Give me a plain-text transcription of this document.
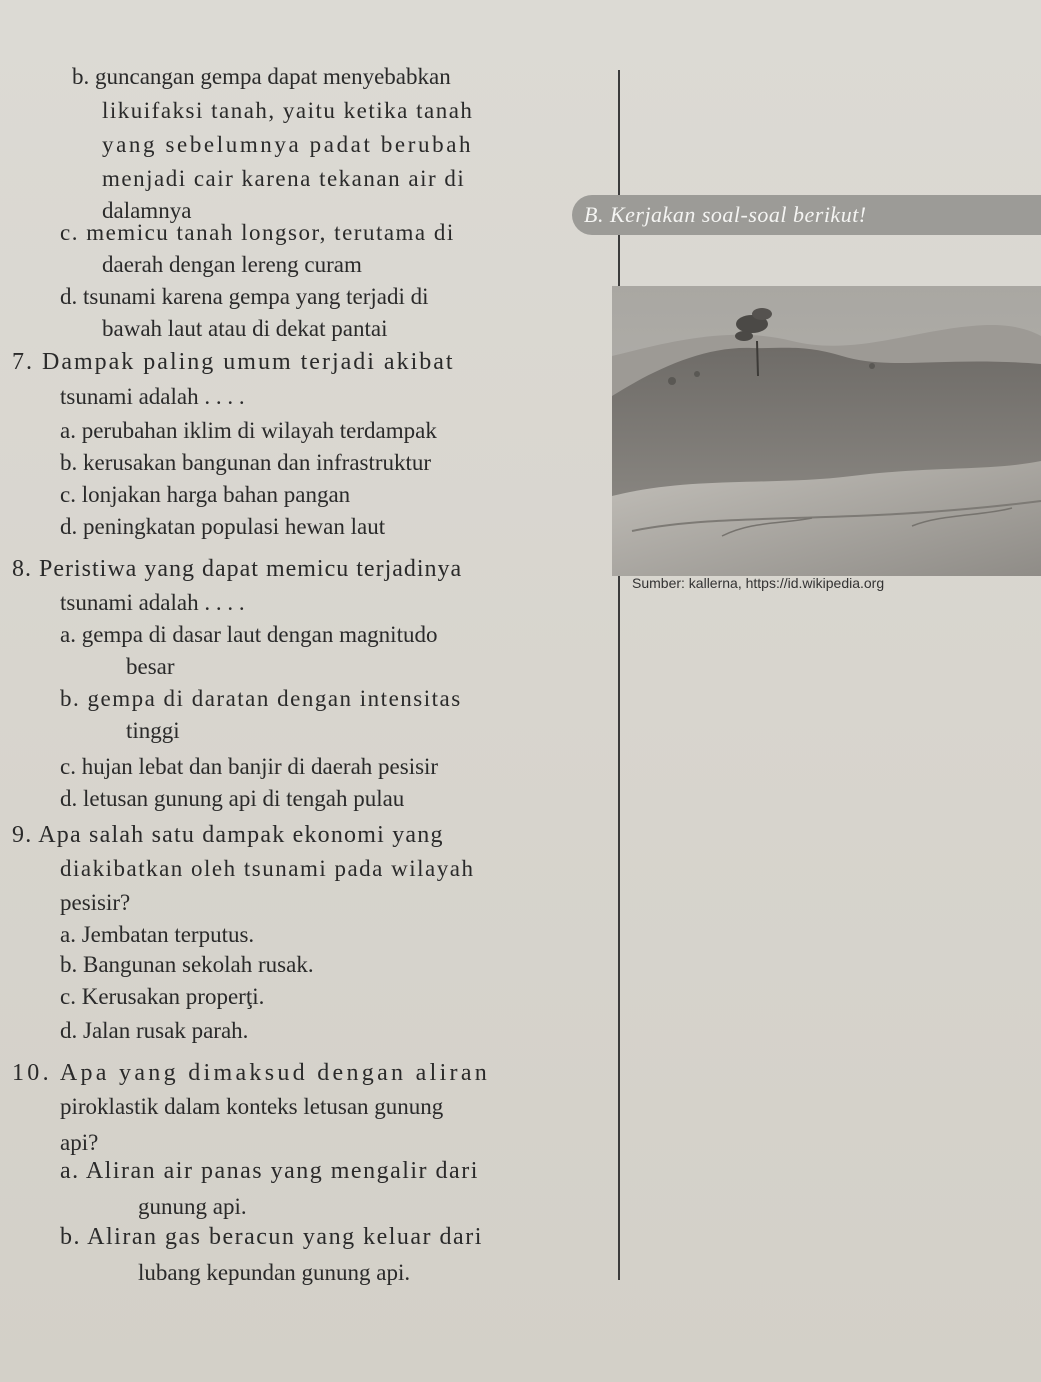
b. guncangan gempa dapat menyebabkan
likuifaksi tanah, yaitu ketika tanah
yang sebelumnya padat berubah
menjadi cair karena tekanan air di
dalamnya
c. memicu tanah longsor, terutama di
daerah dengan lereng curam
d. tsunami karena gempa yang terjadi di
bawah laut atau di dekat pantai
7. Dampak paling umum terjadi akibat
tsunami adalah . . . .
a. perubahan iklim di wilayah terdampak
b. kerusakan bangunan dan infrastruktur
c. lonjakan harga bahan pangan
d. peningkatan populasi hewan laut
8. Peristiwa yang dapat memicu terjadinya
tsunami adalah . . . .
a. gempa di dasar laut dengan magnitudo
besar
b. gempa di daratan dengan intensitas
tinggi
c. hujan lebat dan banjir di daerah pesisir
d. letusan gunung api di tengah pulau
9. Apa salah satu dampak ekonomi yang
diakibatkan oleh tsunami pada wilayah
pesisir?
a. Jembatan terputus.
b. Bangunan sekolah rusak.
c. Kerusakan properţi.
d. Jalan rusak parah.
10. Apa yang dimaksud dengan aliran
piroklastik dalam konteks letusan gunung
api?
a. Aliran air panas yang mengalir dari
gunung api.
b. Aliran gas beracun yang keluar dari
lubang kepundan gunung api.
B. Kerjakan soal-soal berikut!
Sumber: kallerna, https://id.wikipedia.org
